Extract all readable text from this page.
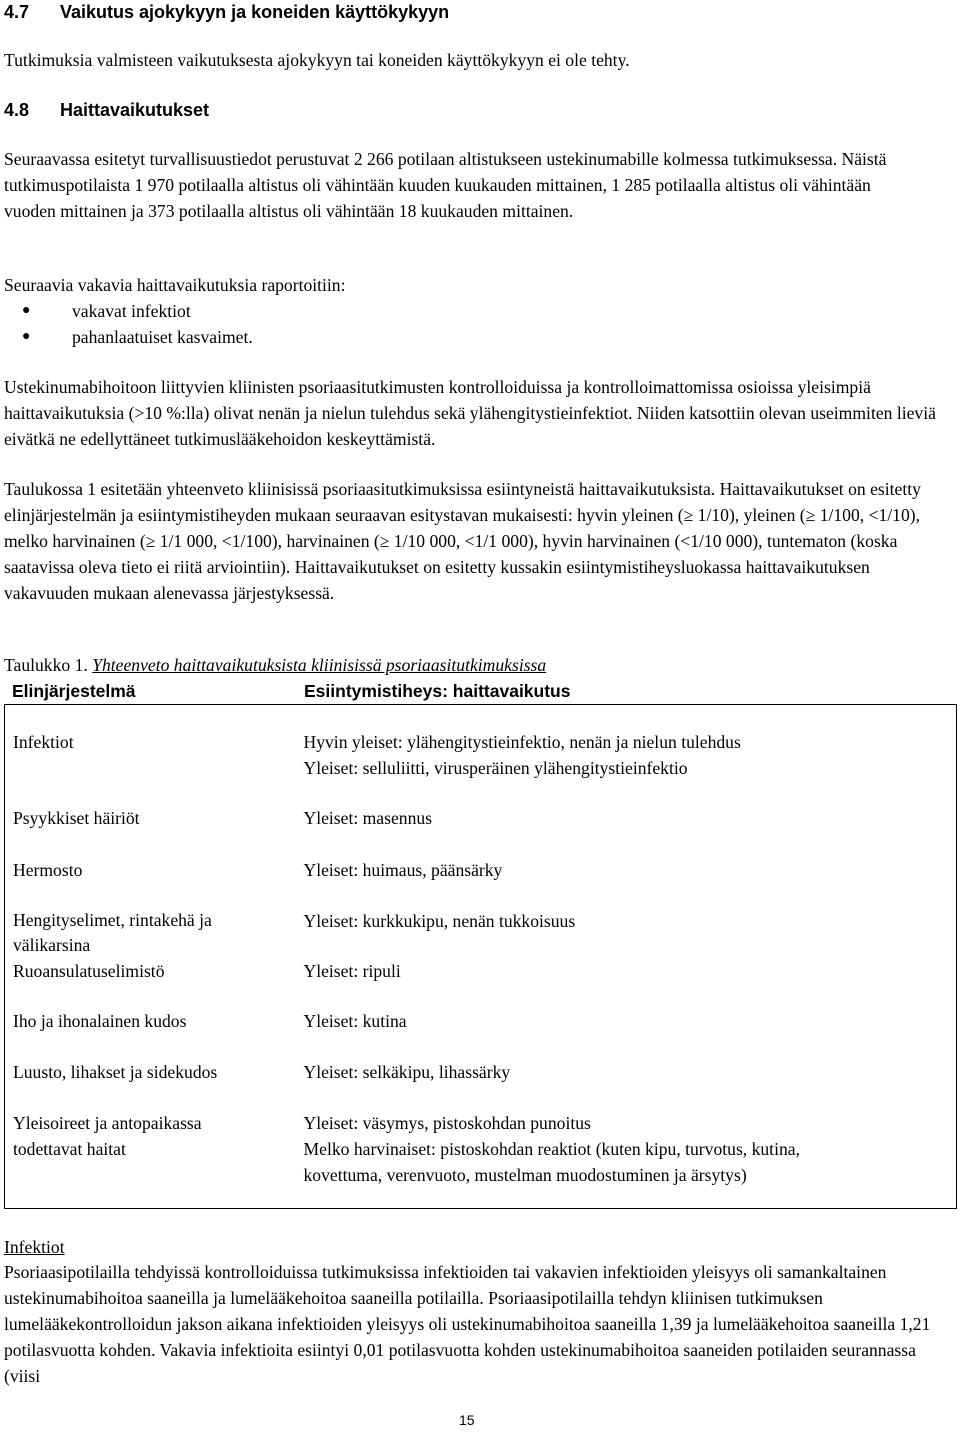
4.7 Vaikutus ajokykyyn ja koneiden käyttökykyyn
Tutkimuksia valmisteen vaikutuksesta ajokykyyn tai koneiden käyttökykyyn ei ole tehty.
4.8 Haittavaikutukset
Seuraavassa esitetyt turvallisuustiedot perustuvat 2 266 potilaan altistukseen ustekinumabille kolmessa tutkimuksessa. Näistä tutkimuspotilaista 1 970 potilaalla altistus oli vähintään kuuden kuukauden mittainen, 1 285 potilaalla altistus oli vähintään vuoden mittainen ja 373 potilaalla altistus oli vähintään 18 kuukauden mittainen.
Seuraavia vakavia haittavaikutuksia raportoitiin:
● vakavat infektiot
● pahanlaatuiset kasvaimet.
Ustekinumabihoitoon liittyvien kliinisten psoriaasitutkimusten kontrolloiduissa ja kontrolloimattomissa osioissa yleisimpiä haittavaikutuksia (>10 %:lla) olivat nenän ja nielun tulehdus sekä ylähengitystieinfektiot. Niiden katsottiin olevan useimmiten lieviä eivätkä ne edellyttäneet tutkimuslääkehoidon keskeyttämistä.
Taulukossa 1 esitetään yhteenveto kliinisissä psoriaasitutkimuksissa esiintyneistä haittavaikutuksista. Haittavaikutukset on esitetty elinjärjestelmän ja esiintymistiheyden mukaan seuraavan esitystavan mukaisesti: hyvin yleinen (≥ 1/10), yleinen (≥ 1/100, <1/10), melko harvinainen (≥ 1/1 000, <1/100), harvinainen (≥ 1/10 000, <1/1 000), hyvin harvinainen (<1/10 000), tuntematon (koska saatavissa oleva tieto ei riitä arviointiin). Haittavaikutukset on esitetty kussakin esiintymistiheysluokassa haittavaikutuksen vakavuuden mukaan alenevassa järjestyksessä.
Taulukko 1. Yhteenveto haittavaikutuksista kliinisissä psoriaasitutkimuksissa
Elinjärjestelmä	Esiintymistiheys: haittavaikutus
Infektiot	Hyvin yleiset: ylähengitystieinfektio, nenän ja nielun tulehdus
Yleiset: selluliitti, virusperäinen ylähengitystieinfektio
Psyykkiset häiriöt	Yleiset: masennus
Hermosto	Yleiset: huimaus, päänsärky
Hengityselimet, rintakehä ja
välikarsina	Yleiset: kurkkukipu, nenän tukkoisuus
Ruoansulatuselimistö	Yleiset: ripuli
Iho ja ihonalainen kudos	Yleiset: kutina
Luusto, lihakset ja sidekudos	Yleiset: selkäkipu, lihassärky
Yleisoireet ja antopaikassa
todettavat haitat	Yleiset: väsymys, pistoskohdan punoitus
Melko harvinaiset: pistoskohdan reaktiot (kuten kipu, turvotus, kutina,
kovettuma, verenvuoto, mustelman muodostuminen ja ärsytys)
Infektiot
Psoriaasipotilailla tehdyissä kontrolloiduissa tutkimuksissa infektioiden tai vakavien infektioiden yleisyys oli samankaltainen ustekinumabihoitoa saaneilla ja lumelääkehoitoa saaneilla potilailla. Psoriaasipotilailla tehdyn kliinisen tutkimuksen lumelääkekontrolloidun jakson aikana infektioiden yleisyys oli ustekinumabihoitoa saaneilla 1,39 ja lumelääkehoitoa saaneilla 1,21 potilasvuotta kohden. Vakavia infektioita esiintyi 0,01 potilasvuotta kohden ustekinumabihoitoa saaneiden potilaiden seurannassa (viisi
15
